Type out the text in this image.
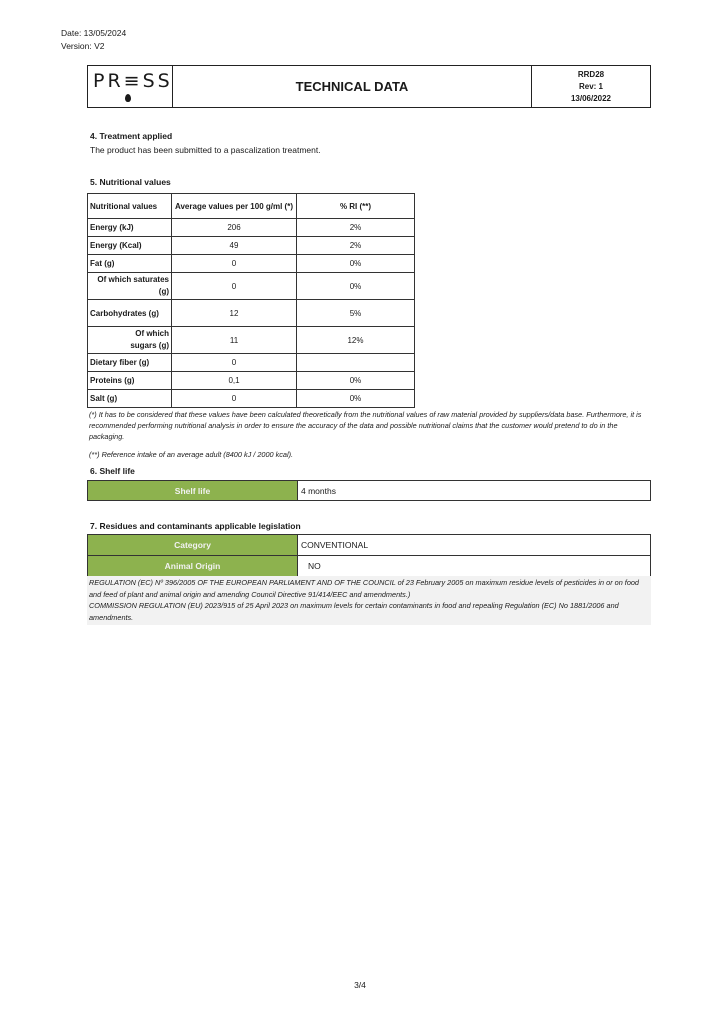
Date: 13/05/2024
Version: V2
PR≡SS	TECHNICAL DATA
RRD28
Rev: 1
13/06/2022
4. Treatment applied
The product has been submitted to a pascalization treatment.
5. Nutritional values
Nutritional values	Average values per 100 g/ml (*)	% RI (**)
Energy (kJ)	206	2%
Energy (Kcal)	49	2%
Fat (g)	0	0%
Of which saturates (g)	0	0%
Carbohydrates (g)	12	5%
Of which sugars (g)	11	12%
Dietary fiber (g)	0	
Proteins (g)	0,1	0%
Salt (g)	0	0%
(*) It has to be considered that these values have been calculated theoretically from the nutritional values of raw material provided by suppliers/data base. Furthermore, it is recommended performing nutritional analysis in order to ensure the accuracy of the data and possible nutritional claims that the customer would pretend to do in the packaging.
(**) Reference intake of an average adult (8400 kJ / 2000 kcal).
6. Shelf life
Shelf life	4 months
7. Residues and contaminants applicable legislation
Category	CONVENTIONAL
Animal Origin	NO
REGULATION (EC) Nº 396/2005 OF THE EUROPEAN PARLIAMENT AND OF THE COUNCIL of 23 February 2005 on maximum residue levels of pesticides in or on food and feed of plant and animal origin and amending Council Directive 91/414/EEC and amendments.)
COMMISSION REGULATION (EU) 2023/915 of 25 April 2023 on maximum levels for certain contaminants in food and repealing Regulation (EC) No 1881/2006 and amendments.
3/4
